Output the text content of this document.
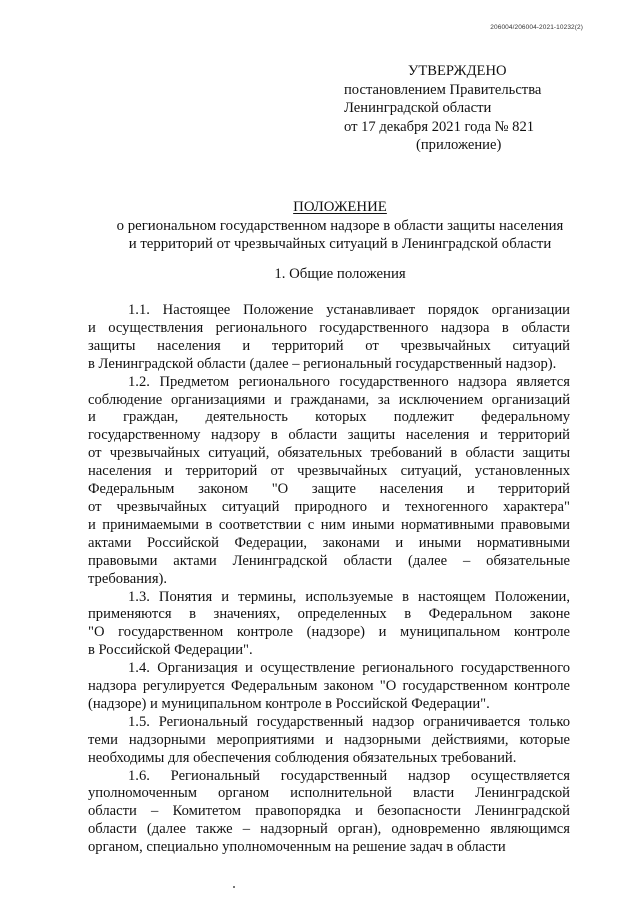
206004/206004-2021-10232(2)
УТВЕРЖДЕНО
постановлением Правительства
Ленинградской области
от 17 декабря 2021 года № 821
(приложение)
ПОЛОЖЕНИЕ
о региональном государственном надзоре в области защиты населения
и территорий от чрезвычайных ситуаций в Ленинградской области
1. Общие положения
1.1. Настоящее Положение устанавливает порядок организации
и осуществления регионального государственного надзора в области
защиты населения и территорий от чрезвычайных ситуаций
в Ленинградской области (далее – региональный государственный надзор).
1.2. Предметом регионального государственного надзора является
соблюдение организациями и гражданами, за исключением организаций
и граждан, деятельность которых подлежит федеральному
государственному надзору в области защиты населения и территорий
от чрезвычайных ситуаций, обязательных требований в области защиты
населения и территорий от чрезвычайных ситуаций, установленных
Федеральным законом "О защите населения и территорий
от чрезвычайных ситуаций природного и техногенного характера"
и принимаемыми в соответствии с ним иными нормативными правовыми
актами Российской Федерации, законами и иными нормативными
правовыми актами Ленинградской области (далее – обязательные
требования).
1.3. Понятия и термины, используемые в настоящем Положении,
применяются в значениях, определенных в Федеральном законе
"О государственном контроле (надзоре) и муниципальном контроле
в Российской Федерации".
1.4. Организация и осуществление регионального государственного
надзора регулируется Федеральным законом "О государственном контроле
(надзоре) и муниципальном контроле в Российской Федерации".
1.5. Региональный государственный надзор ограничивается только
теми надзорными мероприятиями и надзорными действиями, которые
необходимы для обеспечения соблюдения обязательных требований.
1.6. Региональный государственный надзор осуществляется
уполномоченным органом исполнительной власти Ленинградской
области – Комитетом правопорядка и безопасности Ленинградской
области (далее также – надзорный орган), одновременно являющимся
органом, специально уполномоченным на решение задач в области
